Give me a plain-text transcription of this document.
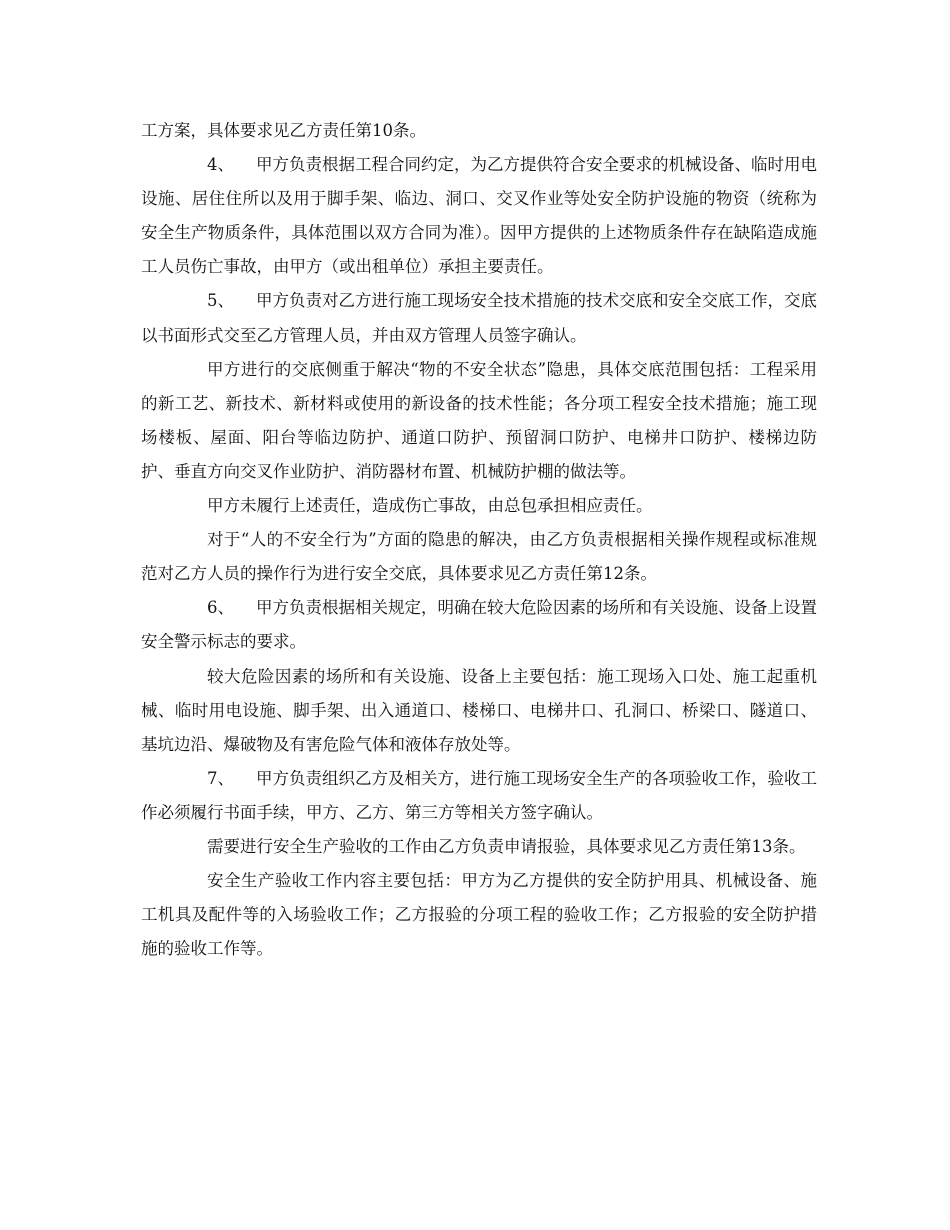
工方案，具体要求见乙方责任第10条。

4、 甲方负责根据工程合同约定，为乙方提供符合安全要求的机械设备、临时用电设施、居住住所以及用于脚手架、临边、洞口、交叉作业等处安全防护设施的物资（统称为安全生产物质条件，具体范围以双方合同为准）。因甲方提供的上述物质条件存在缺陷造成施工人员伤亡事故，由甲方（或出租单位）承担主要责任。

5、 甲方负责对乙方进行施工现场安全技术措施的技术交底和安全交底工作，交底以书面形式交至乙方管理人员，并由双方管理人员签字确认。

甲方进行的交底侧重于解决“物的不安全状态”隐患，具体交底范围包括：工程采用的新工艺、新技术、新材料或使用的新设备的技术性能；各分项工程安全技术措施；施工现场楼板、屋面、阳台等临边防护、通道口防护、预留洞口防护、电梯井口防护、楼梯边防护、垂直方向交叉作业防护、消防器材布置、机械防护棚的做法等。

甲方未履行上述责任，造成伤亡事故，由总包承担相应责任。

对于“人的不安全行为”方面的隐患的解决，由乙方负责根据相关操作规程或标准规范对乙方人员的操作行为进行安全交底，具体要求见乙方责任第12条。

6、 甲方负责根据相关规定，明确在较大危险因素的场所和有关设施、设备上设置安全警示标志的要求。

较大危险因素的场所和有关设施、设备上主要包括：施工现场入口处、施工起重机械、临时用电设施、脚手架、出入通道口、楼梯口、电梯井口、孔洞口、桥梁口、隧道口、基坑边沿、爆破物及有害危险气体和液体存放处等。

7、 甲方负责组织乙方及相关方，进行施工现场安全生产的各项验收工作，验收工作必须履行书面手续，甲方、乙方、第三方等相关方签字确认。

需要进行安全生产验收的工作由乙方负责申请报验，具体要求见乙方责任第13条。

安全生产验收工作内容主要包括：甲方为乙方提供的安全防护用具、机械设备、施工机具及配件等的入场验收工作；乙方报验的分项工程的验收工作；乙方报验的安全防护措施的验收工作等。
